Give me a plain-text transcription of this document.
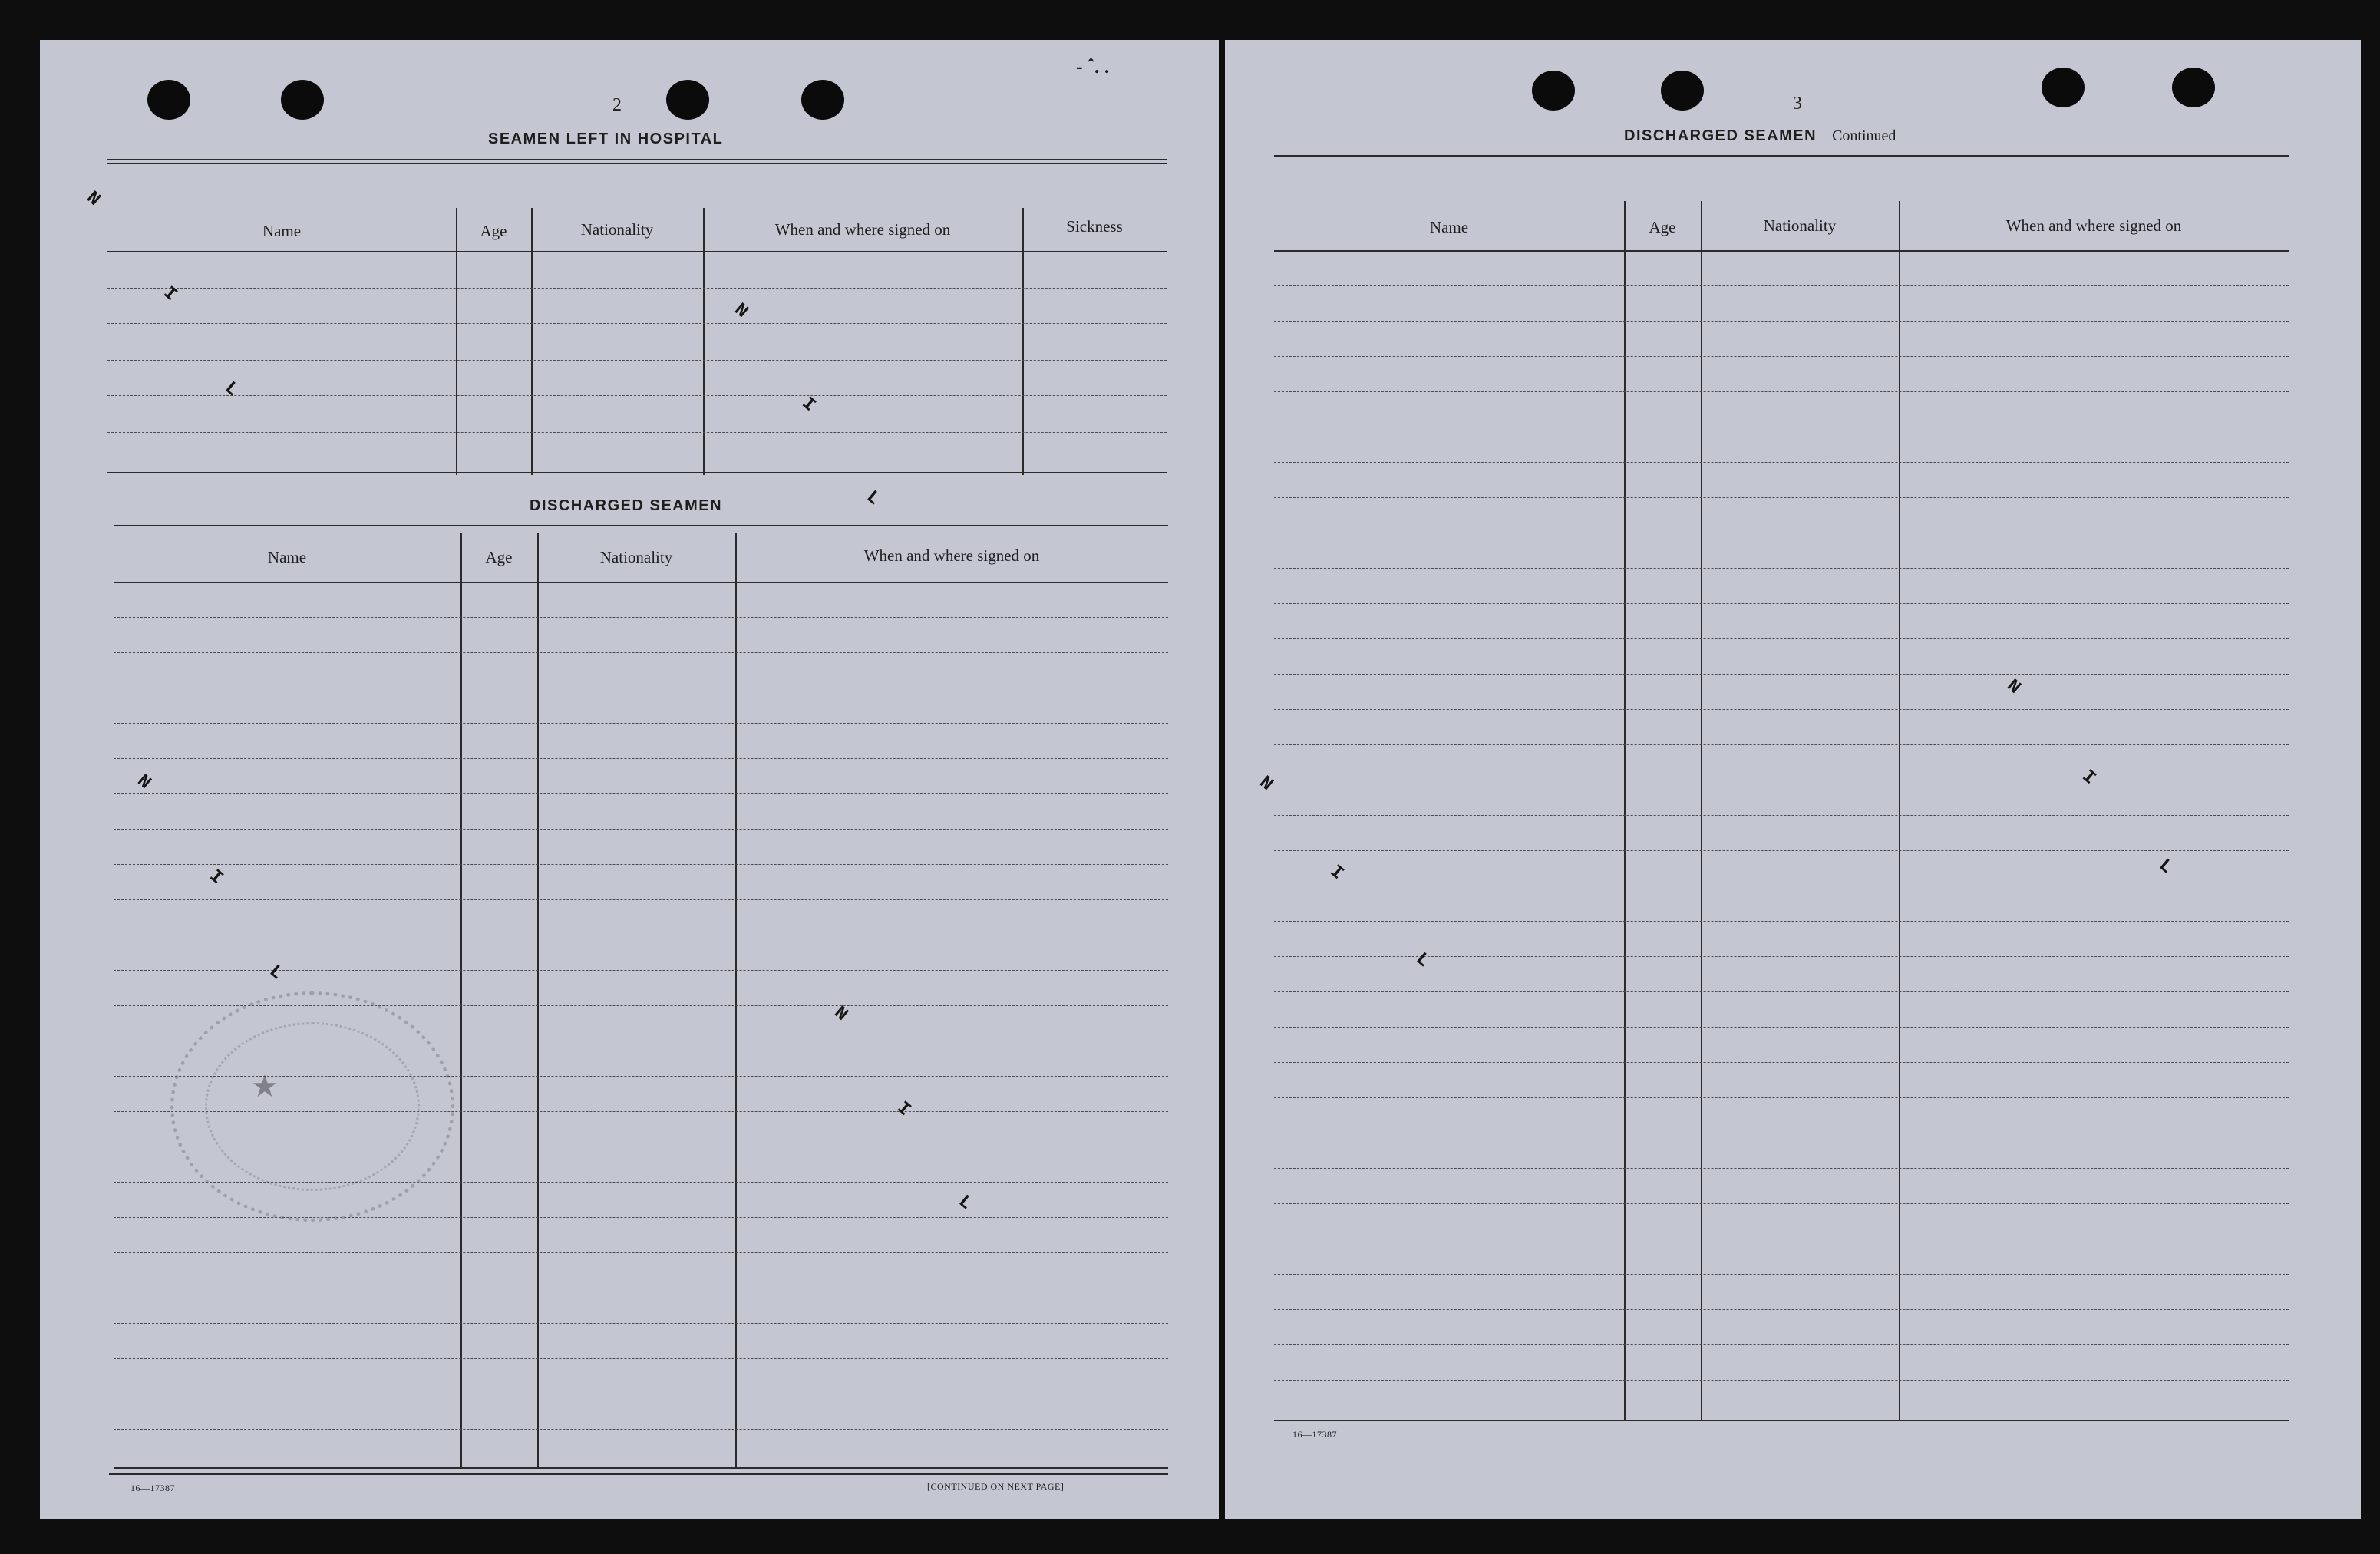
- ˆ. .
2
SEAMEN LEFT IN HOSPITAL
Name	Age	Nationality	When and where signed on	Sickness
DISCHARGED SEAMEN
Name	Age	Nationality	When and where signed on
N
I
L
N
I
L
N
I
L
N
I
L
★
16—17387	[CONTINUED ON NEXT PAGE]
3
DISCHARGED SEAMEN—Continued
Name	Age	Nationality	When and where signed on
N
I
L
N
I
L
16—17387
